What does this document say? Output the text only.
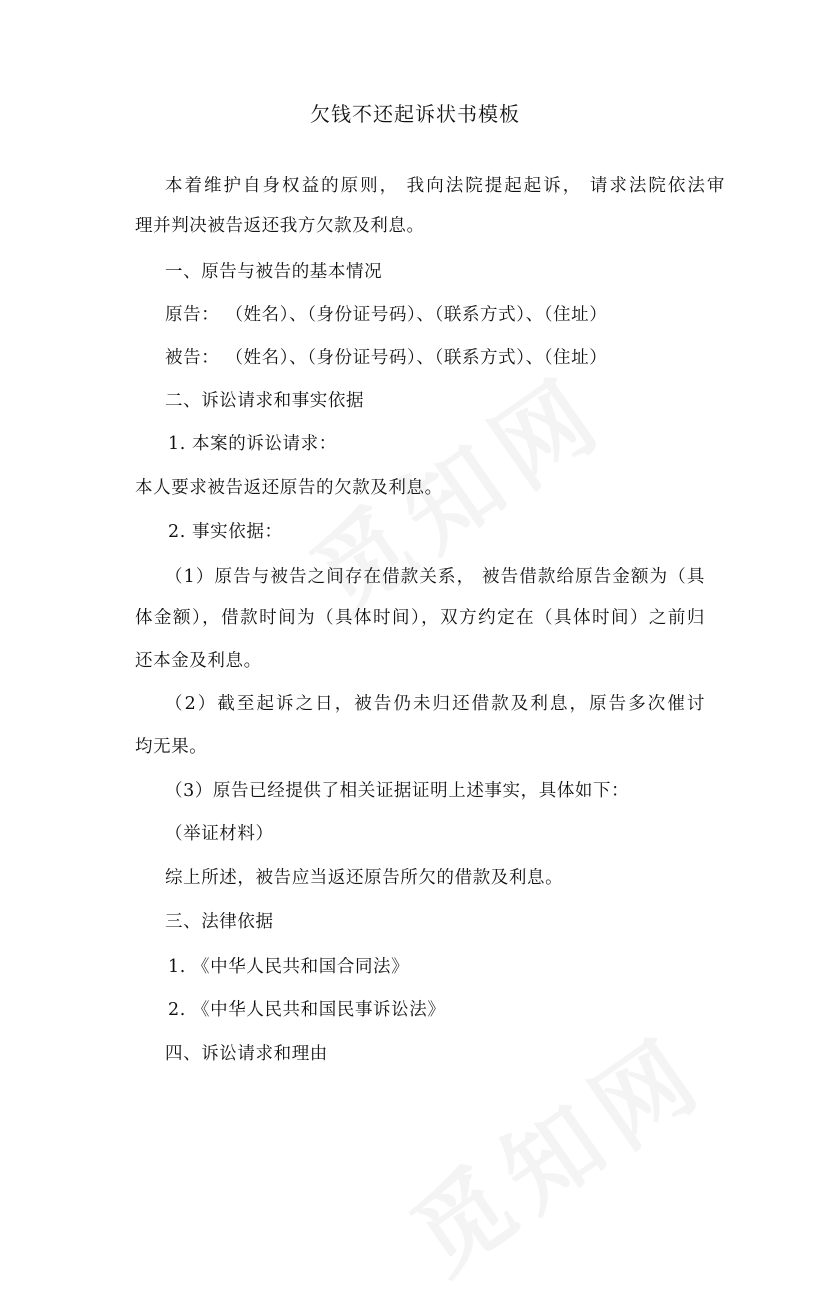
欠钱不还起诉状书模板
本着维护自身权益的原则， 我向法院提起起诉， 请求法院依法审
理并判决被告返还我方欠款及利息。
一、原告与被告的基本情况
原告： （姓名）、（身份证号码）、（联系方式）、（住址）
被告： （姓名）、（身份证号码）、（联系方式）、（住址）
二、诉讼请求和事实依据
1. 本案的诉讼请求：
本人要求被告返还原告的欠款及利息。
2. 事实依据：
（1）原告与被告之间存在借款关系， 被告借款给原告金额为（具
体金额），借款时间为（具体时间），双方约定在（具体时间）之前归
还本金及利息。
（2）截至起诉之日，被告仍未归还借款及利息，原告多次催讨
均无果。
（3）原告已经提供了相关证据证明上述事实，具体如下：
（举证材料）
综上所述，被告应当返还原告所欠的借款及利息。
三、法律依据
1. 《中华人民共和国合同法》
2. 《中华人民共和国民事诉讼法》
四、诉讼请求和理由
